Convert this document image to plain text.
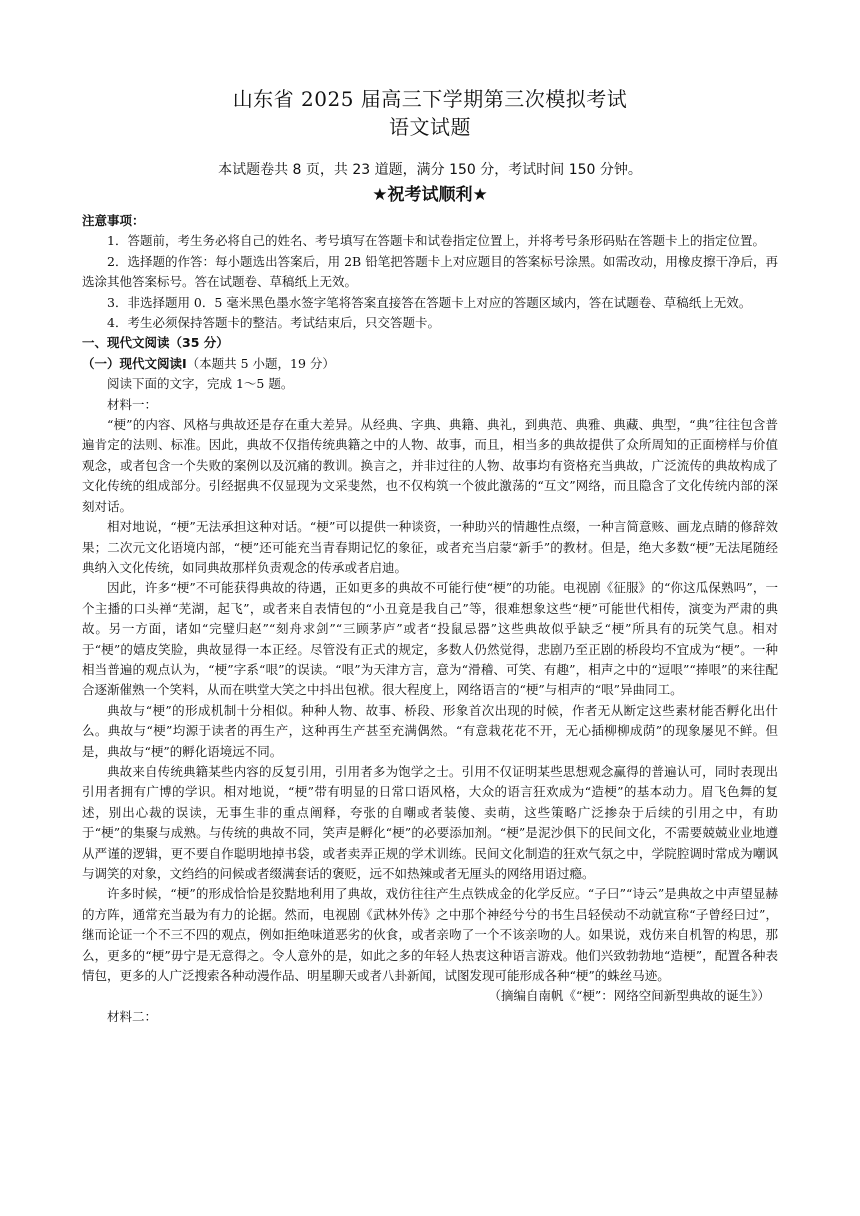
山东省 2025 届高三下学期第三次模拟考试
语文试题
本试题卷共 8 页，共 23 道题，满分 150 分，考试时间 150 分钟。
★祝考试顺利★

注意事项：

1．答题前，考生务必将自己的姓名、考号填写在答题卡和试卷指定位置上，并将考号条形码贴在答题卡上的指定位置。

2．选择题的作答：每小题选出答案后，用 2B 铅笔把答题卡上对应题目的答案标号涂黑。如需改动，用橡皮擦干净后，再选涂其他答案标号。答在试题卷、草稿纸上无效。

3．非选择题用 0．5 毫米黑色墨水签字笔将答案直接答在答题卡上对应的答题区域内，答在试题卷、草稿纸上无效。

4．考生必须保持答题卡的整洁。考试结束后，只交答题卡。

一、现代文阅读（35 分）

（一）现代文阅读Ⅰ（本题共 5 小题，19 分）

阅读下面的文字，完成 1～5 题。

材料一：

“梗”的内容、风格与典故还是存在重大差异。从经典、字典、典籍、典礼，到典范、典雅、典藏、典型，“典”往往包含普遍肯定的法则、标准。因此，典故不仅指传统典籍之中的人物、故事，而且，相当多的典故提供了众所周知的正面榜样与价值观念，或者包含一个失败的案例以及沉痛的教训。换言之，并非过往的人物、故事均有资格充当典故，广泛流传的典故构成了文化传统的组成部分。引经据典不仅显现为文采斐然，也不仅构筑一个彼此激荡的“互文”网络，而且隐含了文化传统内部的深刻对话。

相对地说，“梗”无法承担这种对话。“梗”可以提供一种谈资，一种助兴的情趣性点缀，一种言简意赅、画龙点睛的修辞效果；二次元文化语境内部，“梗”还可能充当青春期记忆的象征，或者充当启蒙“新手”的教材。但是，绝大多数“梗”无法尾随经典纳入文化传统，如同典故那样负责观念的传承或者启迪。

因此，许多“梗”不可能获得典故的待遇，正如更多的典故不可能行使“梗”的功能。电视剧《征服》的“你这瓜保熟吗”，一个主播的口头禅“芜湖，起飞”，或者来自表情包的“小丑竟是我自己”等，很难想象这些“梗”可能世代相传，演变为严肃的典故。另一方面，诸如“完璧归赵”“刻舟求剑”“三顾茅庐”或者“投鼠忌器”这些典故似乎缺乏“梗”所具有的玩笑气息。相对于“梗”的嬉皮笑脸，典故显得一本正经。尽管没有正式的规定，多数人仍然觉得，悲剧乃至正剧的桥段均不宜成为“梗”。一种相当普遍的观点认为，“梗”字系“哏”的误读。“哏”为天津方言，意为“滑稽、可笑、有趣”，相声之中的“逗哏”“捧哏”的来往配合逐渐催熟一个笑料，从而在哄堂大笑之中抖出包袱。很大程度上，网络语言的“梗”与相声的“哏”异曲同工。

典故与“梗”的形成机制十分相似。种种人物、故事、桥段、形象首次出现的时候，作者无从断定这些素材能否孵化出什么。典故与“梗”均源于读者的再生产，这种再生产甚至充满偶然。“有意栽花花不开，无心插柳柳成荫”的现象屡见不鲜。但是，典故与“梗”的孵化语境远不同。

典故来自传统典籍某些内容的反复引用，引用者多为饱学之士。引用不仅证明某些思想观念赢得的普遍认可，同时表现出引用者拥有广博的学识。相对地说，“梗”带有明显的日常口语风格，大众的语言狂欢成为“造梗”的基本动力。眉飞色舞的复述，别出心裁的误读，无事生非的重点阐释，夸张的自嘲或者装傻、卖萌，这些策略广泛掺杂于后续的引用之中，有助于“梗”的集聚与成熟。与传统的典故不同，笑声是孵化“梗”的必要添加剂。“梗”是泥沙俱下的民间文化，不需要兢兢业业地遵从严谨的逻辑，更不要自作聪明地掉书袋，或者卖弄正规的学术训练。民间文化制造的狂欢气氛之中，学院腔调时常成为嘲讽与调笑的对象，文绉绉的问候或者缀满套话的褒贬，远不如热辣或者无厘头的网络用语过瘾。

许多时候，“梗”的形成恰恰是狡黠地利用了典故，戏仿往往产生点铁成金的化学反应。“子曰”“诗云”是典故之中声望显赫的方阵，通常充当最为有力的论据。然而，电视剧《武林外传》之中那个神经兮兮的书生吕轻侯动不动就宣称“子曾经曰过”，继而论证一个不三不四的观点，例如拒绝味道恶劣的伙食，或者亲吻了一个不该亲吻的人。如果说，戏仿来自机智的构思，那么，更多的“梗”毋宁是无意得之。令人意外的是，如此之多的年轻人热衷这种语言游戏。他们兴致勃勃地“造梗”，配置各种表情包，更多的人广泛搜索各种动漫作品、明星聊天或者八卦新闻，试图发现可能形成各种“梗”的蛛丝马迹。

（摘编自南帆《“梗”：网络空间新型典故的诞生》）

材料二：
